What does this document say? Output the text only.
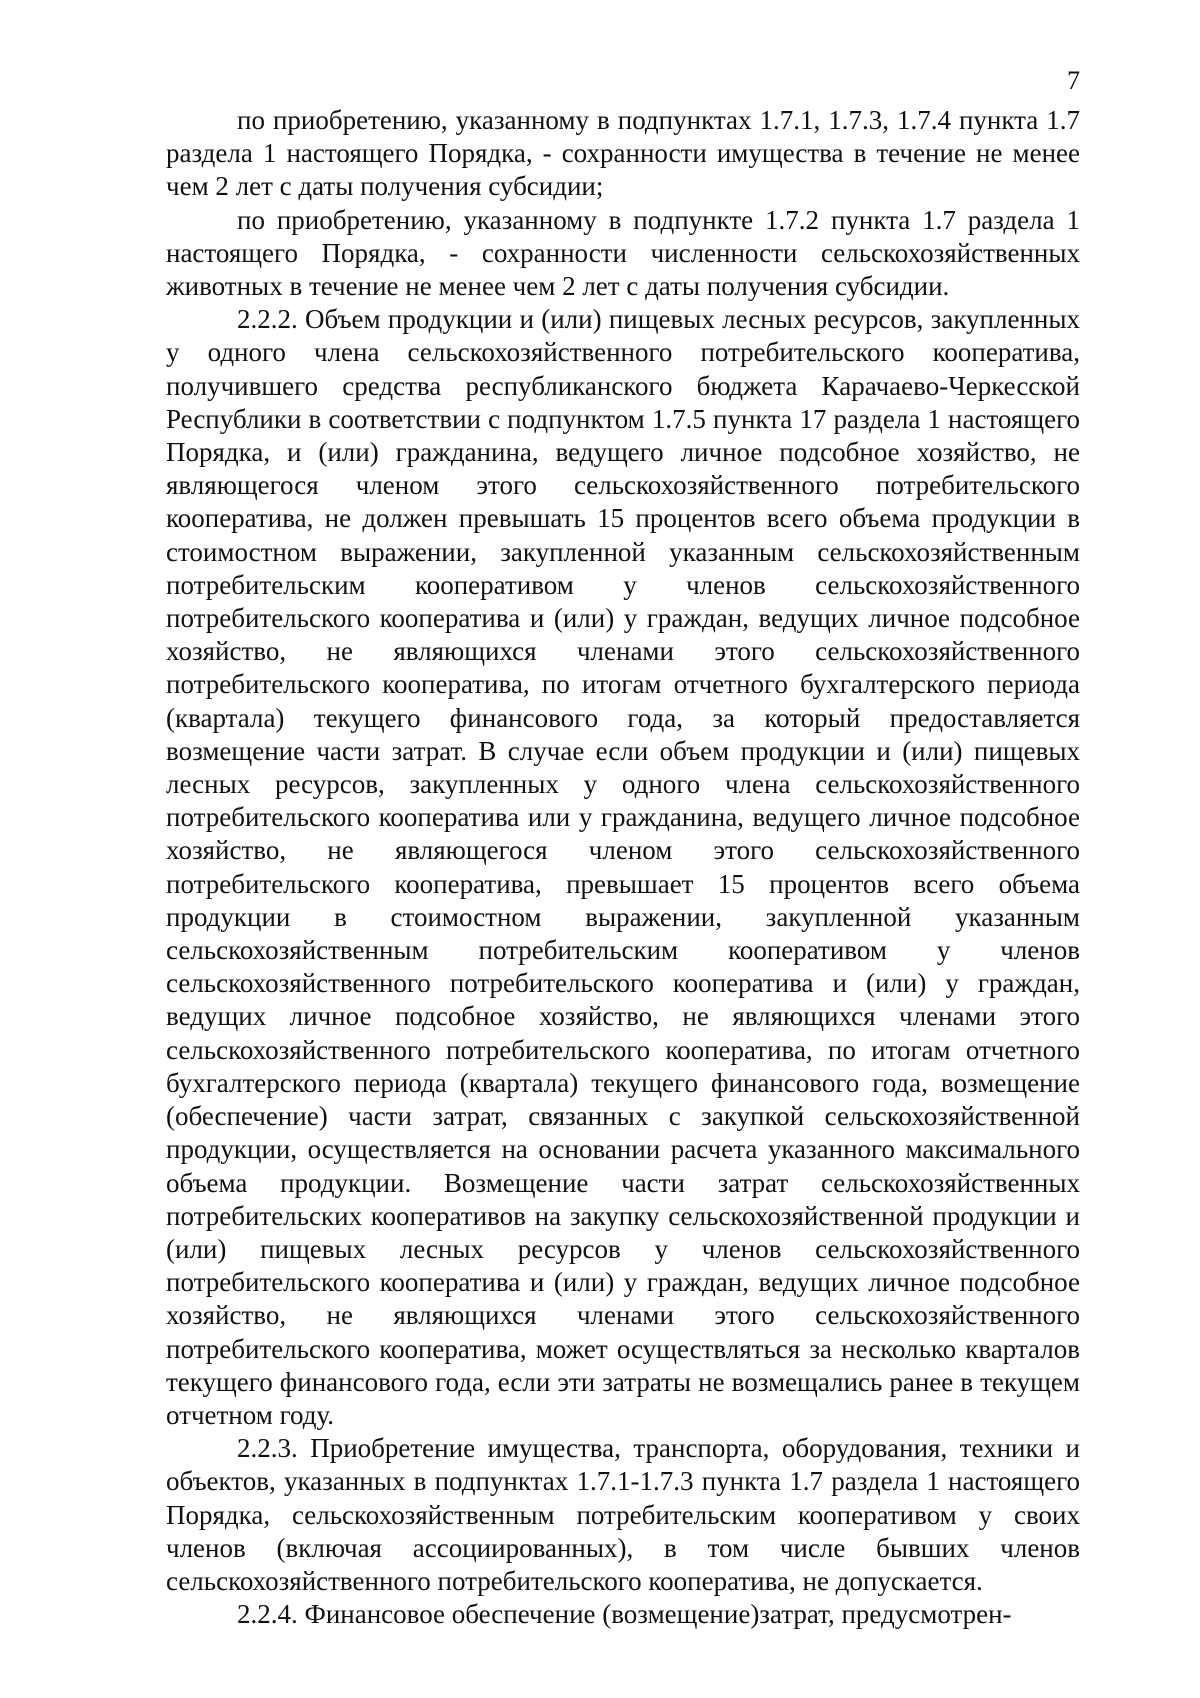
7

по приобретению, указанному в подпунктах 1.7.1, 1.7.3, 1.7.4 пункта 1.7 раздела 1 настоящего Порядка, - сохранности имущества в течение не менее чем 2 лет с даты получения субсидии;

по приобретению, указанному в подпункте 1.7.2 пункта 1.7 раздела 1 настоящего Порядка, - сохранности численности сельскохозяйственных животных в течение не менее чем 2 лет с даты получения субсидии.

2.2.2. Объем продукции и (или) пищевых лесных ресурсов, закупленных у одного члена сельскохозяйственного потребительского кооператива, получившего средства республиканского бюджета Карачаево-Черкесской Республики в соответствии с подпунктом 1.7.5 пункта 17 раздела 1 настоящего Порядка, и (или) гражданина, ведущего личное подсобное хозяйство, не являющегося членом этого сельскохозяйственного потребительского кооператива, не должен превышать 15 процентов всего объема продукции в стоимостном выражении, закупленной указанным сельскохозяйственным потребительским кооперативом у членов сельскохозяйственного потребительского кооператива и (или) у граждан, ведущих личное подсобное хозяйство, не являющихся членами этого сельскохозяйственного потребительского кооператива, по итогам отчетного бухгалтерского периода (квартала) текущего финансового года, за который предоставляется возмещение части затрат. В случае если объем продукции и (или) пищевых лесных ресурсов, закупленных у одного члена сельскохозяйственного потребительского кооператива или у гражданина, ведущего личное подсобное хозяйство, не являющегося членом этого сельскохозяйственного потребительского кооператива, превышает 15 процентов всего объема продукции в стоимостном выражении, закупленной указанным сельскохозяйственным потребительским кооперативом у членов сельскохозяйственного потребительского кооператива и (или) у граждан, ведущих личное подсобное хозяйство, не являющихся членами этого сельскохозяйственного потребительского кооператива, по итогам отчетного бухгалтерского периода (квартала) текущего финансового года, возмещение (обеспечение) части затрат, связанных с закупкой сельскохозяйственной продукции, осуществляется на основании расчета указанного максимального объема продукции. Возмещение части затрат сельскохозяйственных потребительских кооперативов на закупку сельскохозяйственной продукции и (или) пищевых лесных ресурсов у членов сельскохозяйственного потребительского кооператива и (или) у граждан, ведущих личное подсобное хозяйство, не являющихся членами этого сельскохозяйственного потребительского кооператива, может осуществляться за несколько кварталов текущего финансового года, если эти затраты не возмещались ранее в текущем отчетном году.

2.2.3. Приобретение имущества, транспорта, оборудования, техники и объектов, указанных в подпунктах 1.7.1-1.7.3 пункта 1.7 раздела 1 настоящего Порядка, сельскохозяйственным потребительским кооперативом у своих членов (включая ассоциированных), в том числе бывших членов сельскохозяйственного потребительского кооператива, не допускается.

2.2.4. Финансовое обеспечение (возмещение)затрат, предусмотрен-
